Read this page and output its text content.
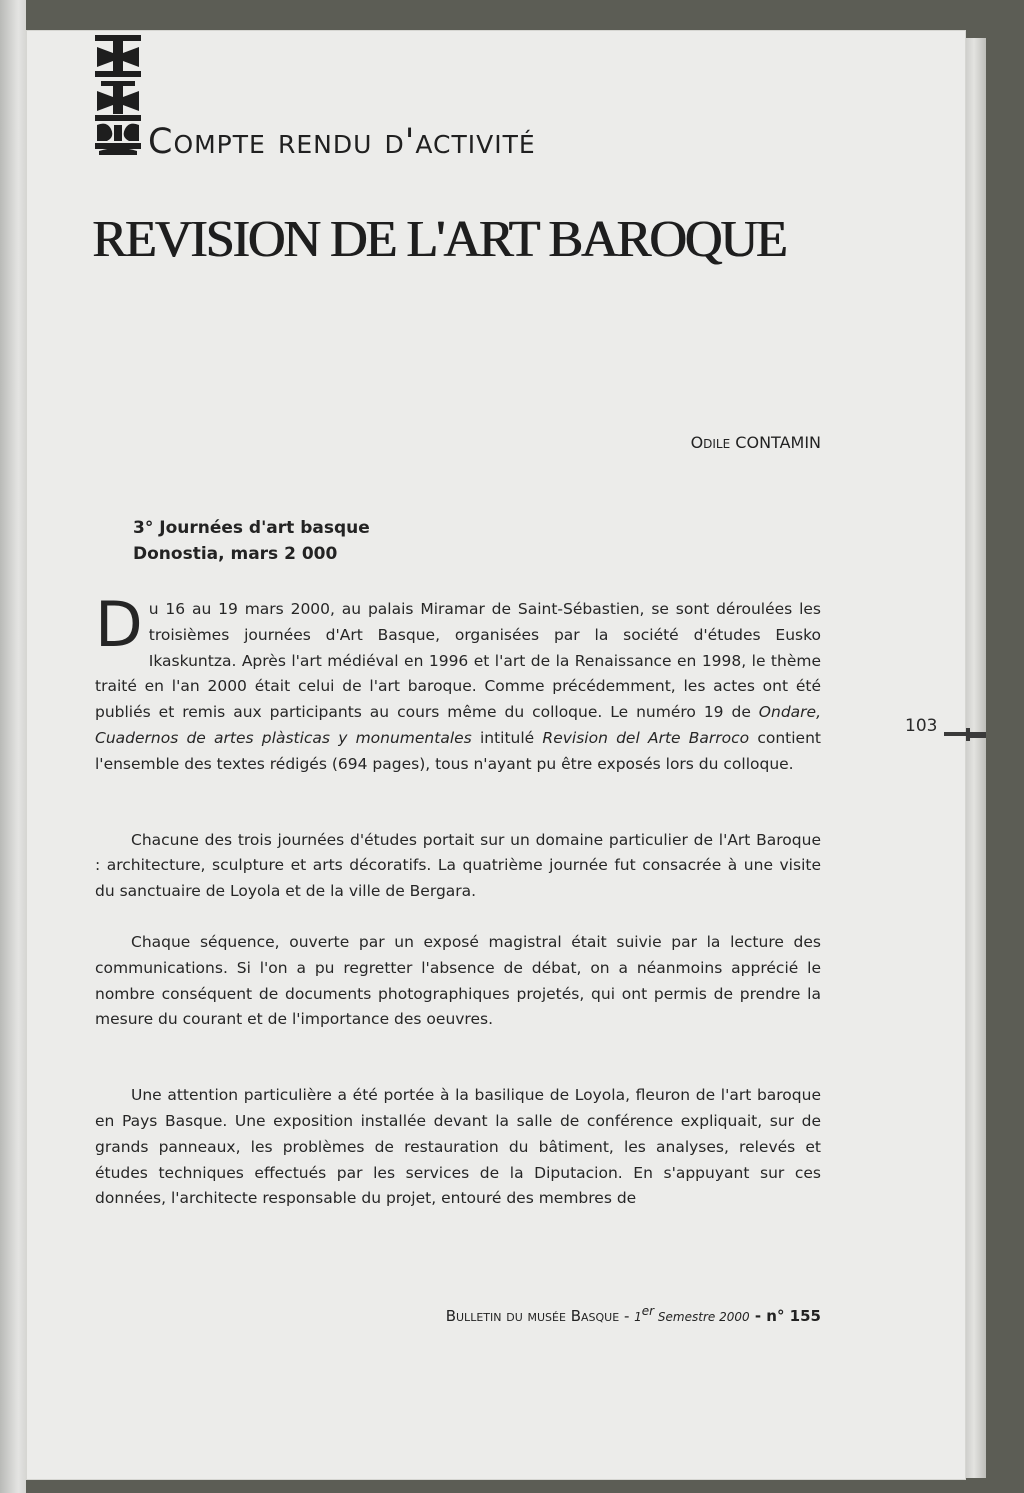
Compte rendu d'activité
REVISION DE L'ART BAROQUE
ODILE CONTAMIN
3° Journées d'art basque
Donostia, mars 2 000

Du 16 au 19 mars 2000, au palais Miramar de Saint-Sébastien, se sont déroulées les troisièmes journées d'Art Basque, organisées par la société d'études Eusko Ikaskuntza. Après l'art médiéval en 1996 et l'art de la Renaissance en 1998, le thème traité en l'an 2000 était celui de l'art baroque. Comme précédemment, les actes ont été publiés et remis aux participants au cours même du colloque. Le numéro 19 de Ondare, Cuadernos de artes plàsticas y monumentales intitulé Revision del Arte Barroco contient l'ensemble des textes rédigés (694 pages), tous n'ayant pu être exposés lors du colloque.

Chacune des trois journées d'études portait sur un domaine particulier de l'Art Baroque : architecture, sculpture et arts décoratifs. La quatrième journée fut consacrée à une visite du sanctuaire de Loyola et de la ville de Bergara.

Chaque séquence, ouverte par un exposé magistral était suivie par la lecture des communications. Si l'on a pu regretter l'absence de débat, on a néanmoins apprécié le nombre conséquent de documents photographiques projetés, qui ont permis de prendre la mesure du courant et de l'importance des oeuvres.

Une attention particulière a été portée à la basilique de Loyola, fleuron de l'art baroque en Pays Basque. Une exposition installée devant la salle de conférence expliquait, sur de grands panneaux, les problèmes de restauration du bâtiment, les analyses, relevés et études techniques effectués par les services de la Diputacion. En s'appuyant sur ces données, l'architecte responsable du projet, entouré des membres de

103
Bulletin du musée Basque - 1er Semestre 2000 - n° 155
